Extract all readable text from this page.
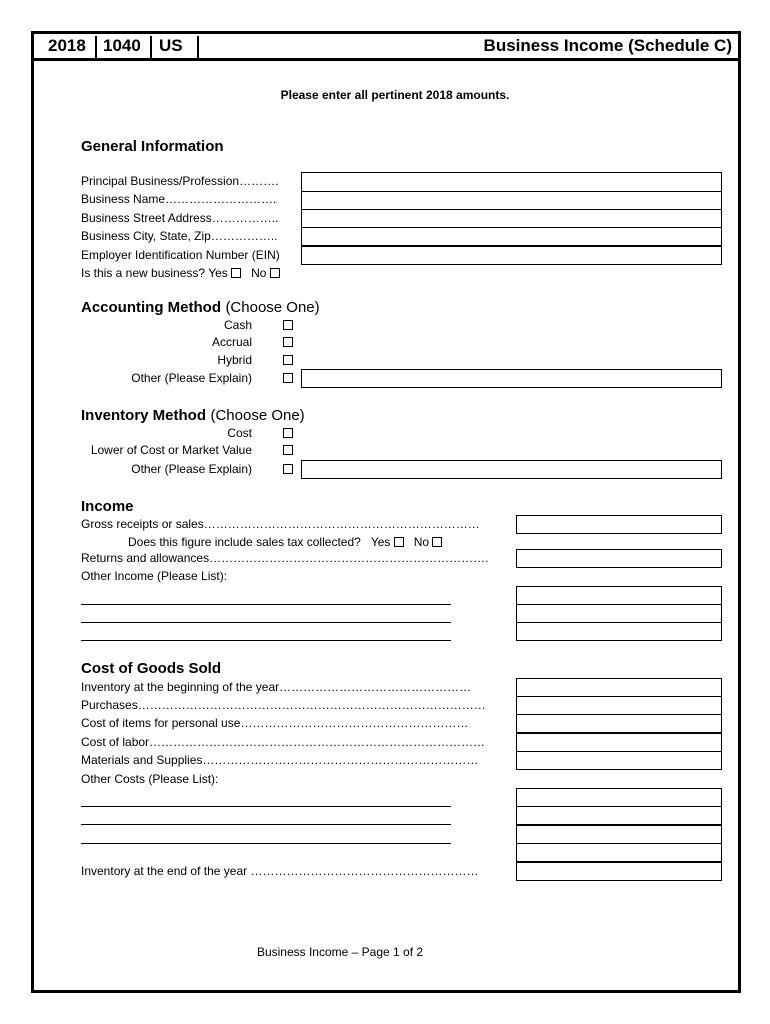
2018 1040 US	Business Income (Schedule C)
Please enter all pertinent 2018 amounts.
General Information
Principal Business/Profession……….
Business Name……………………….
Business Street Address……………..
Business City, State, Zip……………..
Employer Identification Number (EIN)
Is this a new business? Yes No
Accounting Method (Choose One)
Cash
Accrual
Hybrid
Other (Please Explain)
Inventory Method (Choose One)
Cost
Lower of Cost or Market Value
Other (Please Explain)
Income
Gross receipts or sales……………………………………………………………
Does this figure include sales tax collected? Yes No
Returns and allowances…………………………………………………………….
Other Income (Please List):
Cost of Goods Sold
Inventory at the beginning of the year…………………………………………
Purchases……………………………………………………………………………
Cost of items for personal use…………………………………………………
Cost of labor…………………………………………………………………………
Materials and Supplies……………………………………………………………
Other Costs (Please List):
Inventory at the end of the year …………………………………………………
Business Income – Page 1 of 2
